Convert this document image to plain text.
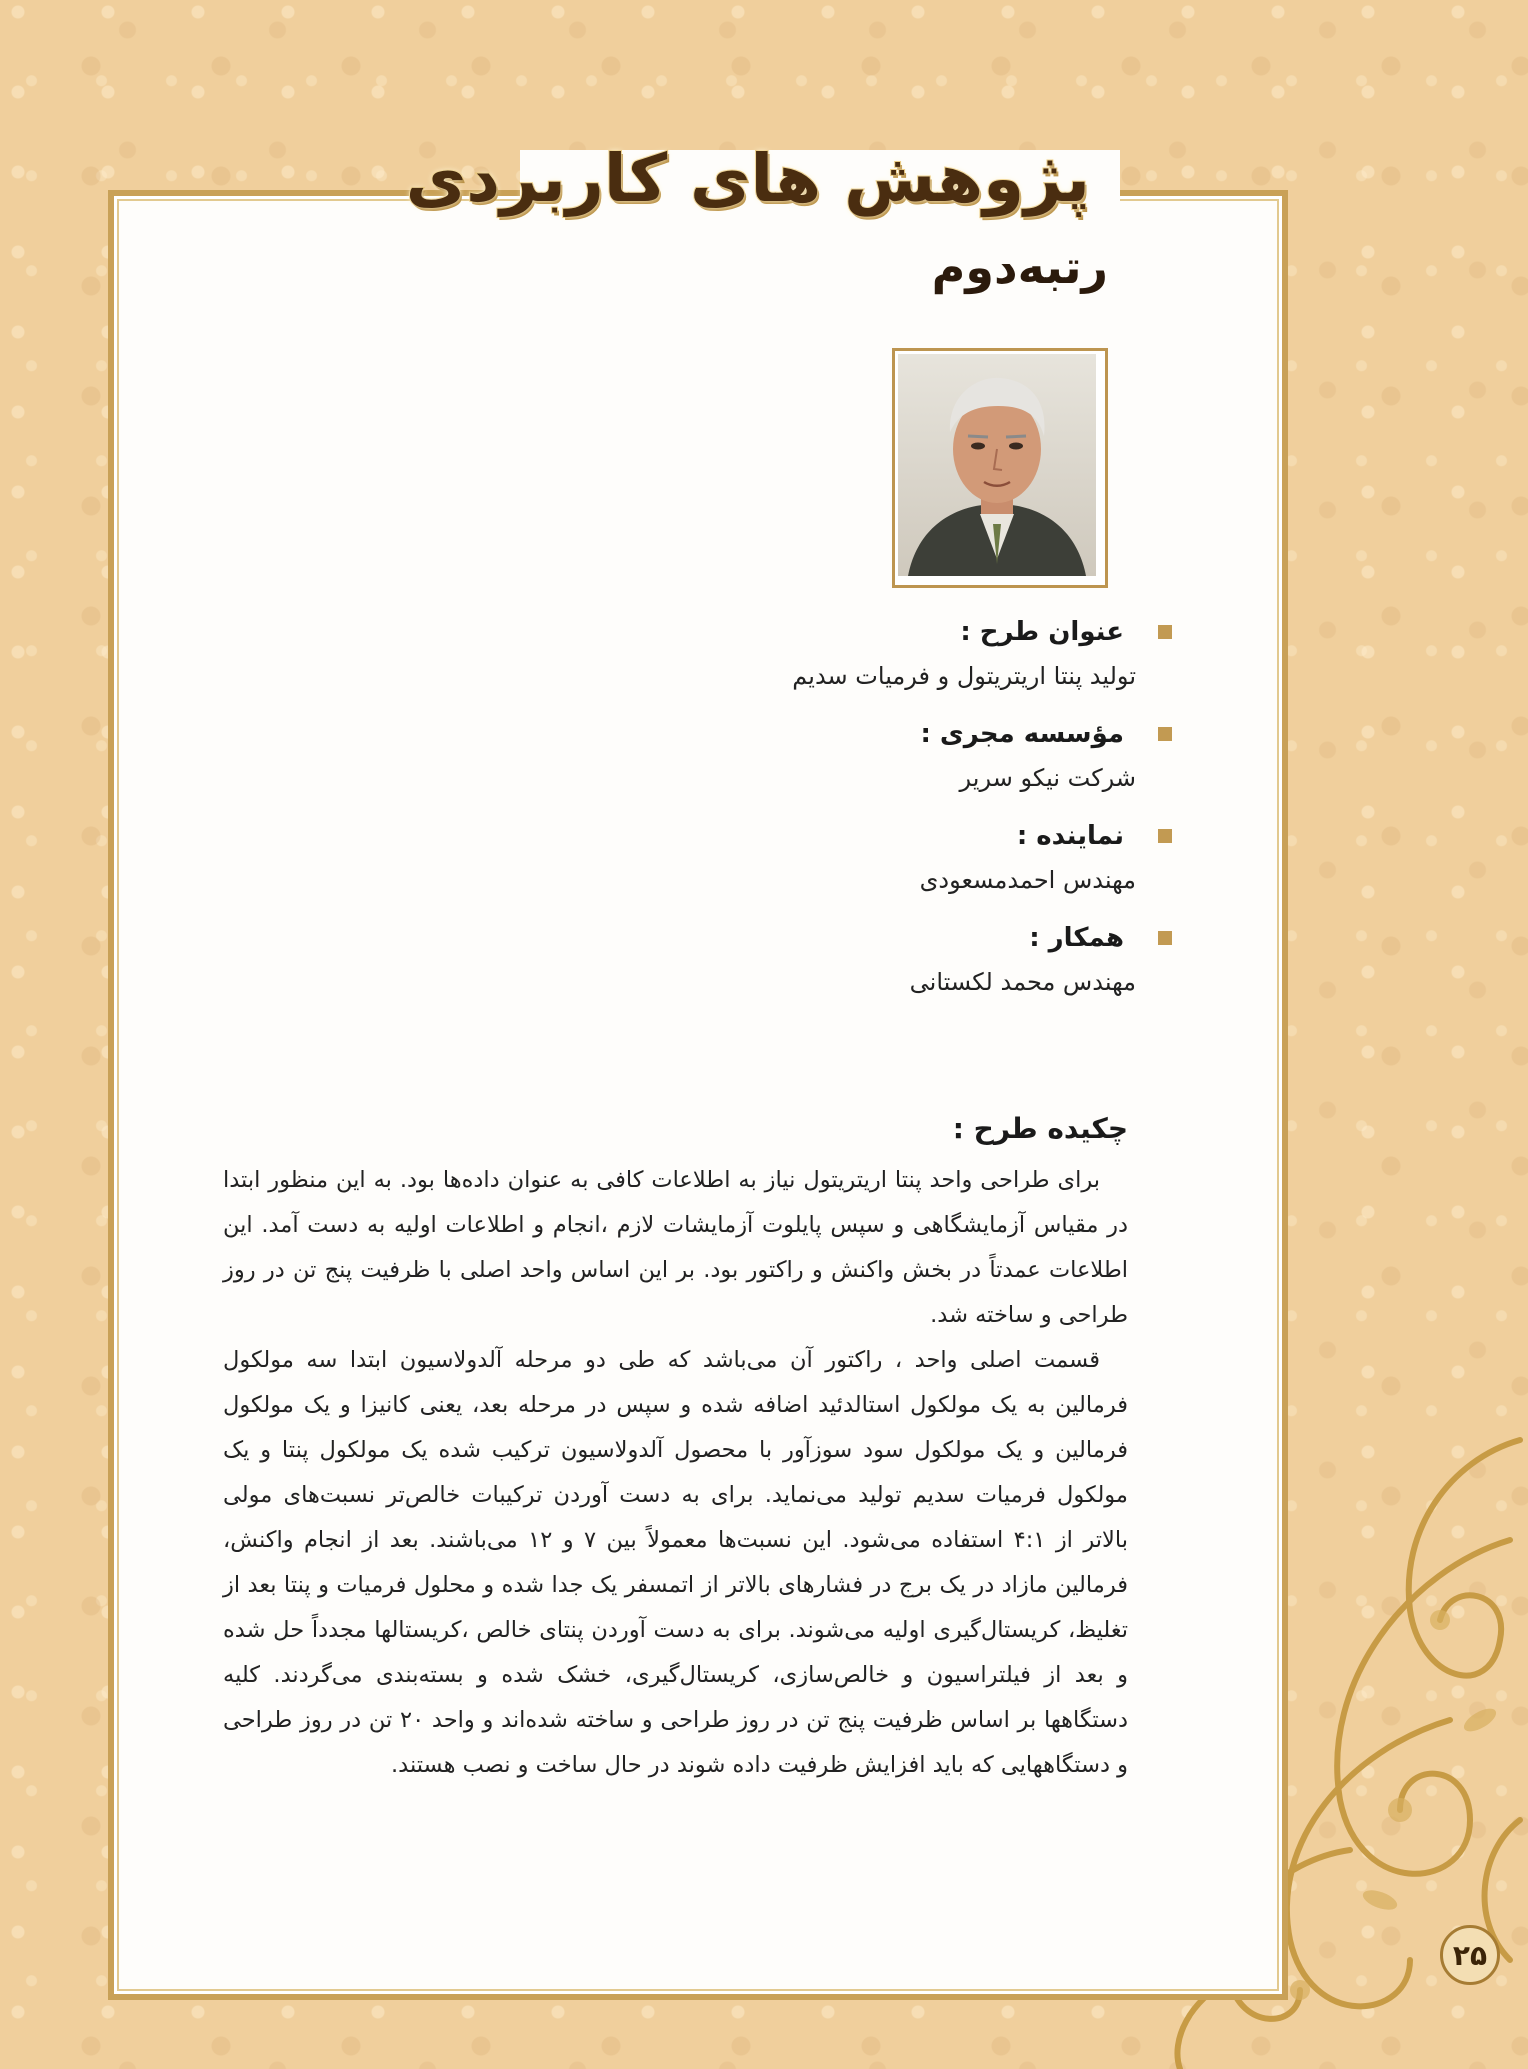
پژوهش های کاربردی
رتبه‌دوم
عنوان طرح :
تولید پنتا اریتریتول و فرمیات سدیم
مؤسسه مجری :
شرکت نیکو سریر
نماینده :
مهندس احمدمسعودی
همکار :
مهندس محمد لکستانی
چکیده طرح :

برای طراحی واحد پنتا اریتریتول نیاز به اطلاعات کافی به عنوان داده‌ها بود. به این منظور ابتدا در مقیاس آزمایشگاهی و سپس پایلوت آزمایشات لازم ،انجام و اطلاعات اولیه به دست آمد. این اطلاعات عمدتاً در بخش واکنش و راکتور بود. بر این اساس واحد اصلی با ظرفیت پنج تن در روز طراحی و ساخته شد.

قسمت اصلی واحد ، راکتور آن می‌باشد که طی دو مرحله آلدولاسیون ابتدا سه مولکول فرمالین به یک مولکول استالدئید اضافه شده و سپس در مرحله بعد، یعنی کانیزا و یک مولکول فرمالین و یک مولکول سود سوزآور با محصول آلدولاسیون ترکیب شده یک مولکول پنتا و یک مولکول فرمیات سدیم تولید می‌نماید. برای به دست آوردن ترکیبات خالص‌تر نسبت‌های مولی بالاتر از ۴:۱ استفاده می‌شود. این نسبت‌ها معمولاً بین ۷ و ۱۲ می‌باشند. بعد از انجام واکنش، فرمالین مازاد در یک برج در فشارهای بالاتر از اتمسفر یک جدا شده و محلول فرمیات و پنتا بعد از تغلیظ، کریستال‌گیری اولیه می‌شوند. برای به دست آوردن پنتای خالص ،کریستالها مجدداً حل شده و بعد از فیلتراسیون و خالص‌سازی، کریستال‌گیری، خشک شده و بسته‌بندی می‌گردند. کلیه دستگاهها بر اساس ظرفیت پنج تن در روز طراحی و ساخته شده‌اند و واحد ۲۰ تن در روز طراحی و دستگاههایی که باید افزایش ظرفیت داده شوند در حال ساخت و نصب هستند.

۲۵
